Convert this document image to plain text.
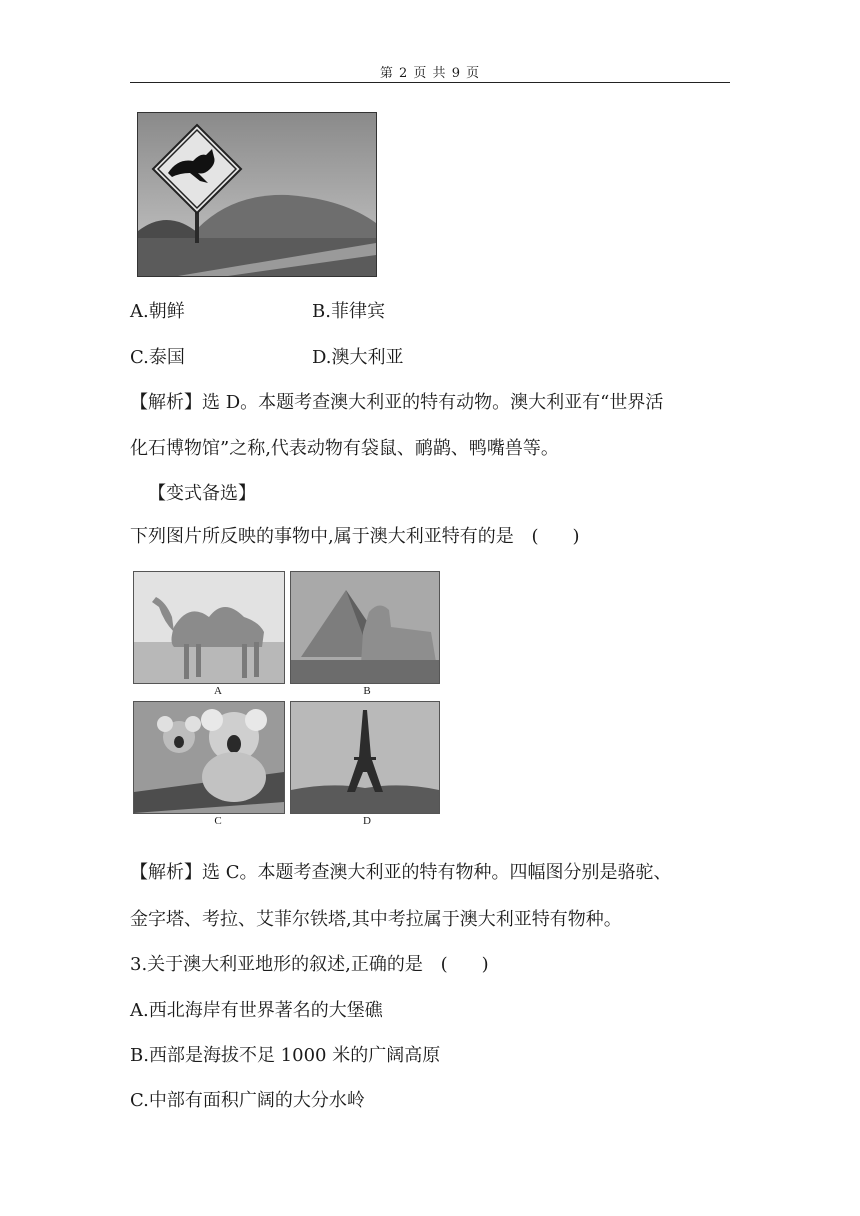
第 2 页 共 9 页
A.朝鲜	B.菲律宾
C.泰国	D.澳大利亚
【解析】选 D。本题考查澳大利亚的特有动物。澳大利亚有“世界活
化石博物馆”之称,代表动物有袋鼠、鸸鹋、鸭嘴兽等。
【变式备选】
下列图片所反映的事物中,属于澳大利亚特有的是 ( )
A	B
C	D
【解析】选 C。本题考查澳大利亚的特有物种。四幅图分别是骆驼、
金字塔、考拉、艾菲尔铁塔,其中考拉属于澳大利亚特有物种。
3.关于澳大利亚地形的叙述,正确的是 ( )
A.西北海岸有世界著名的大堡礁
B.西部是海拔不足 1000 米的广阔高原
C.中部有面积广阔的大分水岭
